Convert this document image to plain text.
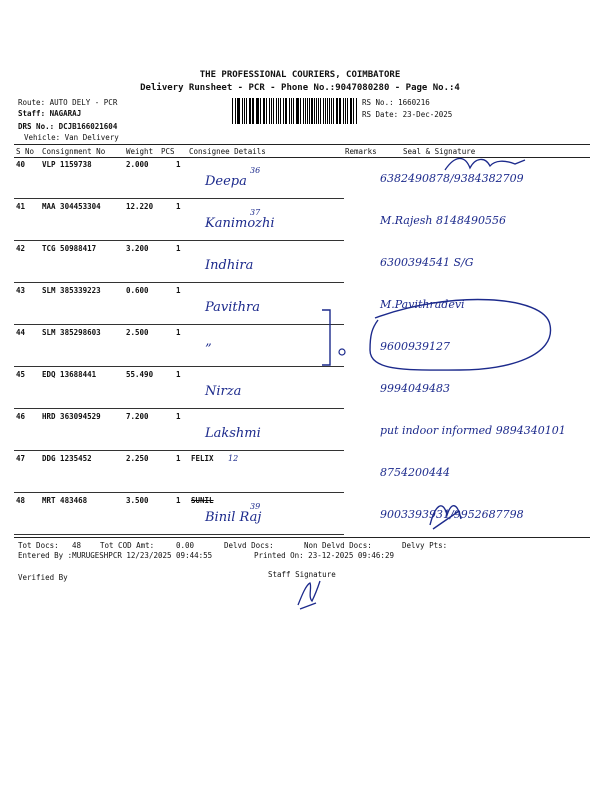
THE PROFESSIONAL COURIERS, COIMBATORE
Delivery Runsheet - PCR - Phone No.:9047080280 - Page No.:4
Route: AUTO DELY - PCR
Staff: NAGARAJ
DRS No.: DCJB166021604
Vehicle: Van Delivery
RS No.: 1660216
RS Date: 23-Dec-2025
S No Consignment No	Weight PCS Consignee Details	Remarks	Seal & Signature
40 VLP 1159738	2.000	1
Deepa
36
6382490878/9384382709
41 MAA 304453304	12.220	1
Kanimozhi
37
M.Rajesh 8148490556
42 TCG 50988417	3.200	1
Indhira	6300394541 S/G
43 SLM 385339223	0.600	1
Pavithra	M.Pavithradevi
44 SLM 385298603	2.500	1
”	9600939127
45 EDQ 13688441	55.490	1
Nirza	9994049483
46 HRD 363094529	7.200	1
Lakshmi	put indoor informed 9894340101
47 DDG 1235452	2.250	1 FELIX 12
8754200444
48 MRT 483468	3.500	1 SUNIL
Binil Raj
39
9003393931/9952687798
Tot Docs: 48	Tot COD Amt:	0.00	Delvd Docs:	Non Delvd Docs:	Delvy Pts:
Entered By :MURUGESHPCR 12/23/2025 09:44:55	Printed On: 23-12-2025 09:46:29
Verified By	Staff Signature
